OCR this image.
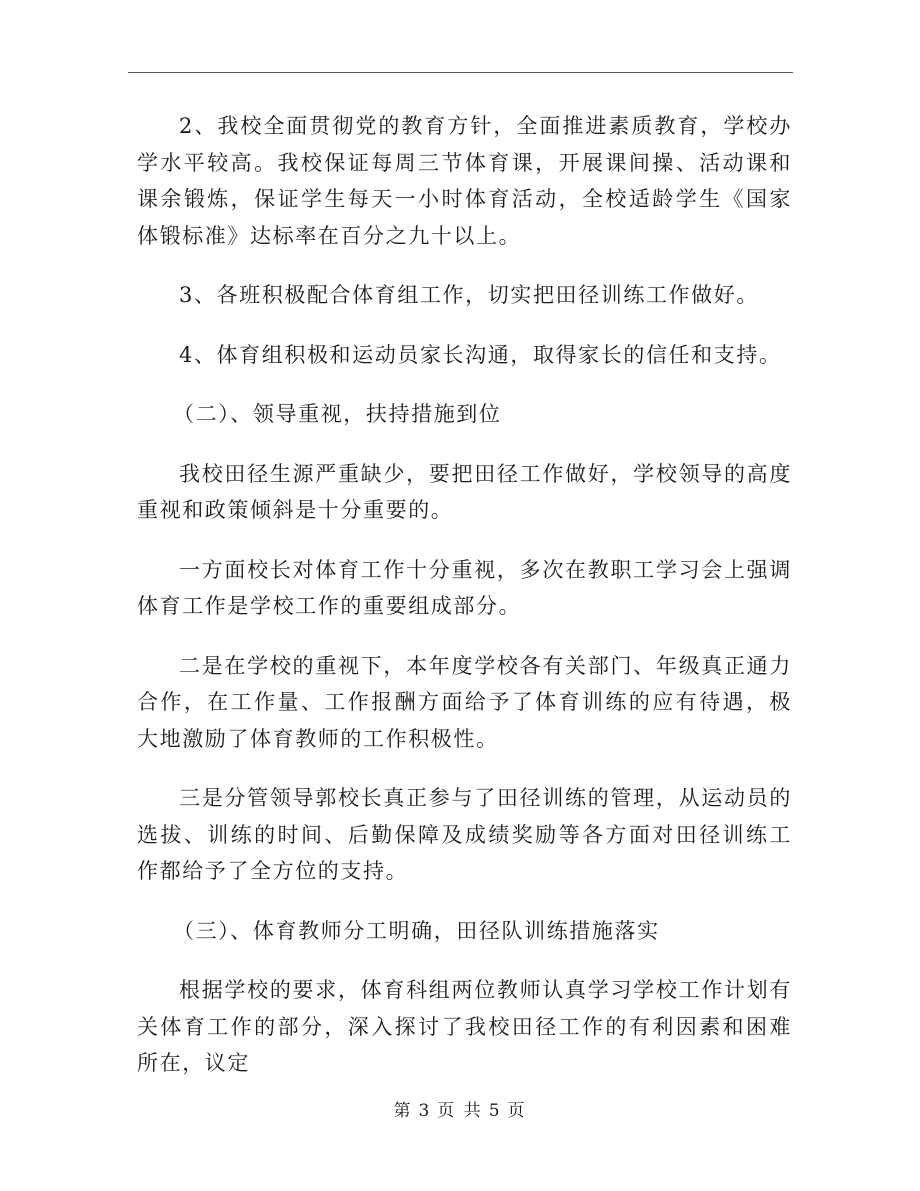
2、我校全面贯彻党的教育方针，全面推进素质教育，学校办学水平较高。我校保证每周三节体育课，开展课间操、活动课和课余锻炼，保证学生每天一小时体育活动，全校适龄学生《国家体锻标准》达标率在百分之九十以上。

3、各班积极配合体育组工作，切实把田径训练工作做好。

4、体育组积极和运动员家长沟通，取得家长的信任和支持。

（二）、领导重视，扶持措施到位

我校田径生源严重缺少，要把田径工作做好，学校领导的高度重视和政策倾斜是十分重要的。

一方面校长对体育工作十分重视，多次在教职工学习会上强调体育工作是学校工作的重要组成部分。

二是在学校的重视下，本年度学校各有关部门、年级真正通力合作，在工作量、工作报酬方面给予了体育训练的应有待遇，极大地激励了体育教师的工作积极性。

三是分管领导郭校长真正参与了田径训练的管理，从运动员的选拔、训练的时间、后勤保障及成绩奖励等各方面对田径训练工作都给予了全方位的支持。

（三）、体育教师分工明确，田径队训练措施落实

根据学校的要求，体育科组两位教师认真学习学校工作计划有关体育工作的部分，深入探讨了我校田径工作的有利因素和困难所在，议定

第 3 页 共 5 页
